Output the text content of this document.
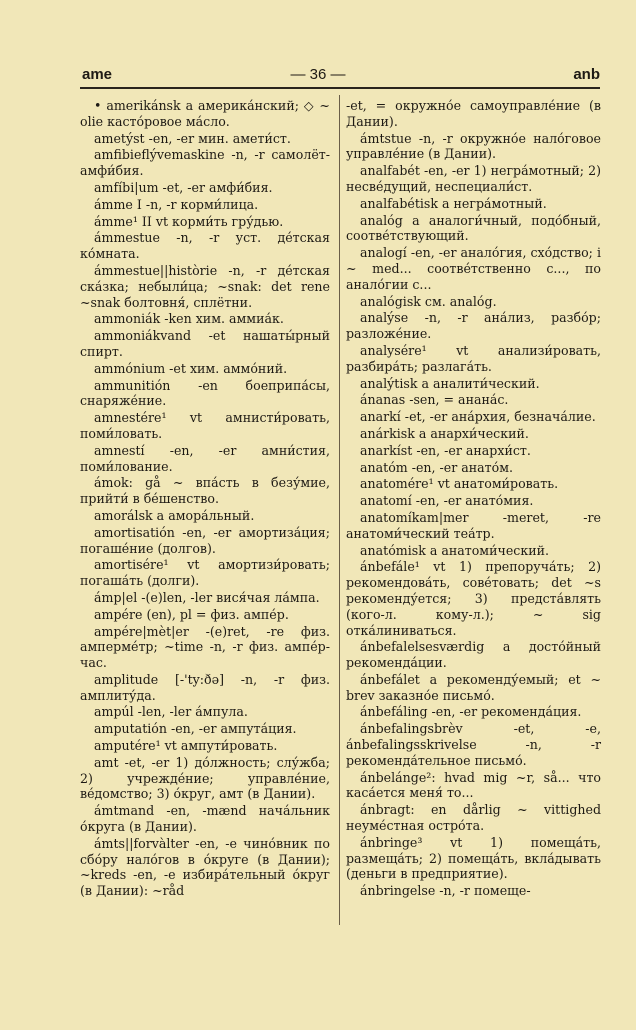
ame	— 36 —	anb
• amerikánsk a америка́нский; ◇ ~ olie касто́ровое ма́сло.
ametýst -en, -er мин. амети́ст.
amfibieflývemaskine -n, -r самолёт-амфи́бия.
amfíbi|um -et, -er амфи́бия.
ámme I -n, -r корми́лица.
ámme¹ II vt корми́ть гру́дью.
ámmestue -n, -r уст. де́тская ко́мната.
ámmestue||històrie -n, -r де́тская ска́зка; небыли́ца; ~snak: det rene ~snak болтовня́, сплётни.
ammoniák -ken хим. аммиа́к.
ammoniákvand -et нашаты́рный спирт.
ammónium -et хим. аммо́ний.
ammunitión -en боеприпа́сы, снаряже́ние.
amnestére¹ vt амнисти́ровать, поми́ловать.
amnestí -en, -er амни́стия, поми́лование.
ámok: gå ~ впа́сть в безу́мие, прийти́ в бе́шенство.
amorálsk a амора́льный.
amortisatión -en, -er амортиза́ция; погаше́ние (долгов).
amortisére¹ vt амортизи́ровать; погаша́ть (долги).
ámp|el -(e)len, -ler вися́чая ла́мпа.
ampére (en), pl = физ. ампе́р.
ampére|mèt|er -(e)ret, -re физ. амперме́тр; ~time -n, -r физ. ампе́р-час.
amplitude [-'ty:ðə] -n, -r физ. амплиту́да.
ampúl -len, -ler а́мпула.
amputatión -en, -er ампута́ция.
amputére¹ vt ампути́ровать.
amt -et, -er 1) до́лжность; слу́жба; 2) учрежде́ние; управле́ние, ве́домство; 3) о́круг, амт (в Дании).
ámtmand -en, -mænd нача́льник о́круга (в Дании).
ámts||forvàlter -en, -e чино́вник по сбо́ру нало́гов в о́круге (в Дании); ~kreds -en, -e избира́тельный о́круг (в Дании): ~råd
-et, = окружно́е самоуправле́ние (в Дании).
ámtstue -n, -r окружно́е нало́говое управле́ние (в Дании).
analfabét -en, -er 1) негра́мотный; 2) несве́дущий, неспециали́ст.
analfabétisk a негра́мотный.
analóg a аналоги́чный, подо́бный, соотве́тствующий.
analogí -en, -er анало́гия, схо́дство; i ~ med... соотве́тственно с..., по анало́гии с...
analógisk см. analóg.
analýse -n, -r ана́лиз, разбо́р; разложе́ние.
analysére¹ vt анализи́ровать, разбира́ть; разлага́ть.
analýtisk a аналити́ческий.
ánanas -sen, = анана́с.
anarkí -et, -er ана́рхия, безнача́лие.
anárkisk a анархи́ческий.
anarkíst -en, -er анархи́ст.
anatóm -en, -er анато́м.
anatomére¹ vt анатоми́ровать.
anatomí -en, -er анато́мия.
anatomíkam|mer -meret, -re анатоми́ческий теа́тр.
anatómisk a анатоми́ческий.
ánbefále¹ vt 1) препоруча́ть; 2) рекомендова́ть, сове́товать; det ~s рекоменду́ется; 3) предста́влять (кого-л. кому-л.); ~ sig отка́линиваться.
ánbefalelsesværdig a досто́йный рекоменда́ции.
ánbefálet a рекоменду́емый; et ~ brev заказно́е письмо́.
ánbefáling -en, -er рекоменда́ция.
ánbefalingsbrèv -et, -e, ánbefalingsskrivelse -n, -r рекоменда́тельное письмо́.
ánbelánge²: hvad mig ~r, så... что каса́ется меня́ то...
ánbragt: en dårlig ~ vittighed неуме́стная остро́та.
ánbringe³ vt 1) помеща́ть, размеща́ть; 2) помеща́ть, вкла́дывать (деньги в предприятие).
ánbringelse -n, -r помеще-
